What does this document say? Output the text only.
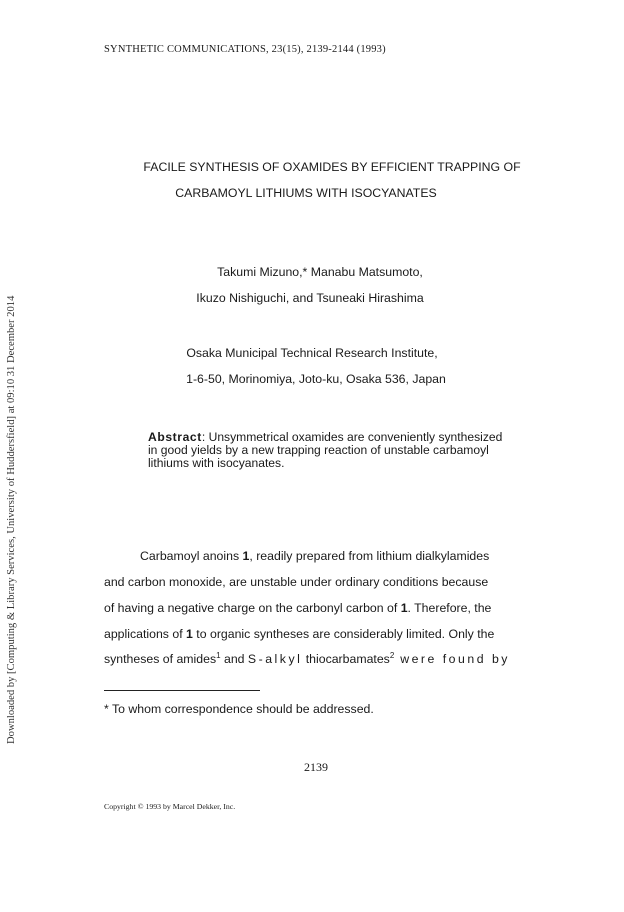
SYNTHETIC COMMUNICATIONS, 23(15), 2139-2144 (1993)
Downloaded by [Computing & Library Services, University of Huddersfield] at 09:10 31 December 2014
FACILE SYNTHESIS OF OXAMIDES BY EFFICIENT TRAPPING OF
CARBAMOYL LITHIUMS WITH ISOCYANATES
Takumi Mizuno,* Manabu Matsumoto,
Ikuzo Nishiguchi, and Tsuneaki Hirashima
Osaka Municipal Technical Research Institute,
1-6-50, Morinomiya, Joto-ku, Osaka 536, Japan
Abstract: Unsymmetrical oxamides are conveniently synthesized in good yields by a new trapping reaction of unstable carbamoyl lithiums with isocyanates.
Carbamoyl anoins 1, readily prepared from lithium dialkylamides
and carbon monoxide, are unstable under ordinary conditions because
of having a negative charge on the carbonyl carbon of 1. Therefore, the
applications of 1 to organic syntheses are considerably limited. Only the
syntheses of amides$^1$ and S-alkyl thiocarbamates$^2$ were found by
* To whom correspondence should be addressed.
2139
Copyright © 1993 by Marcel Dekker, Inc.
